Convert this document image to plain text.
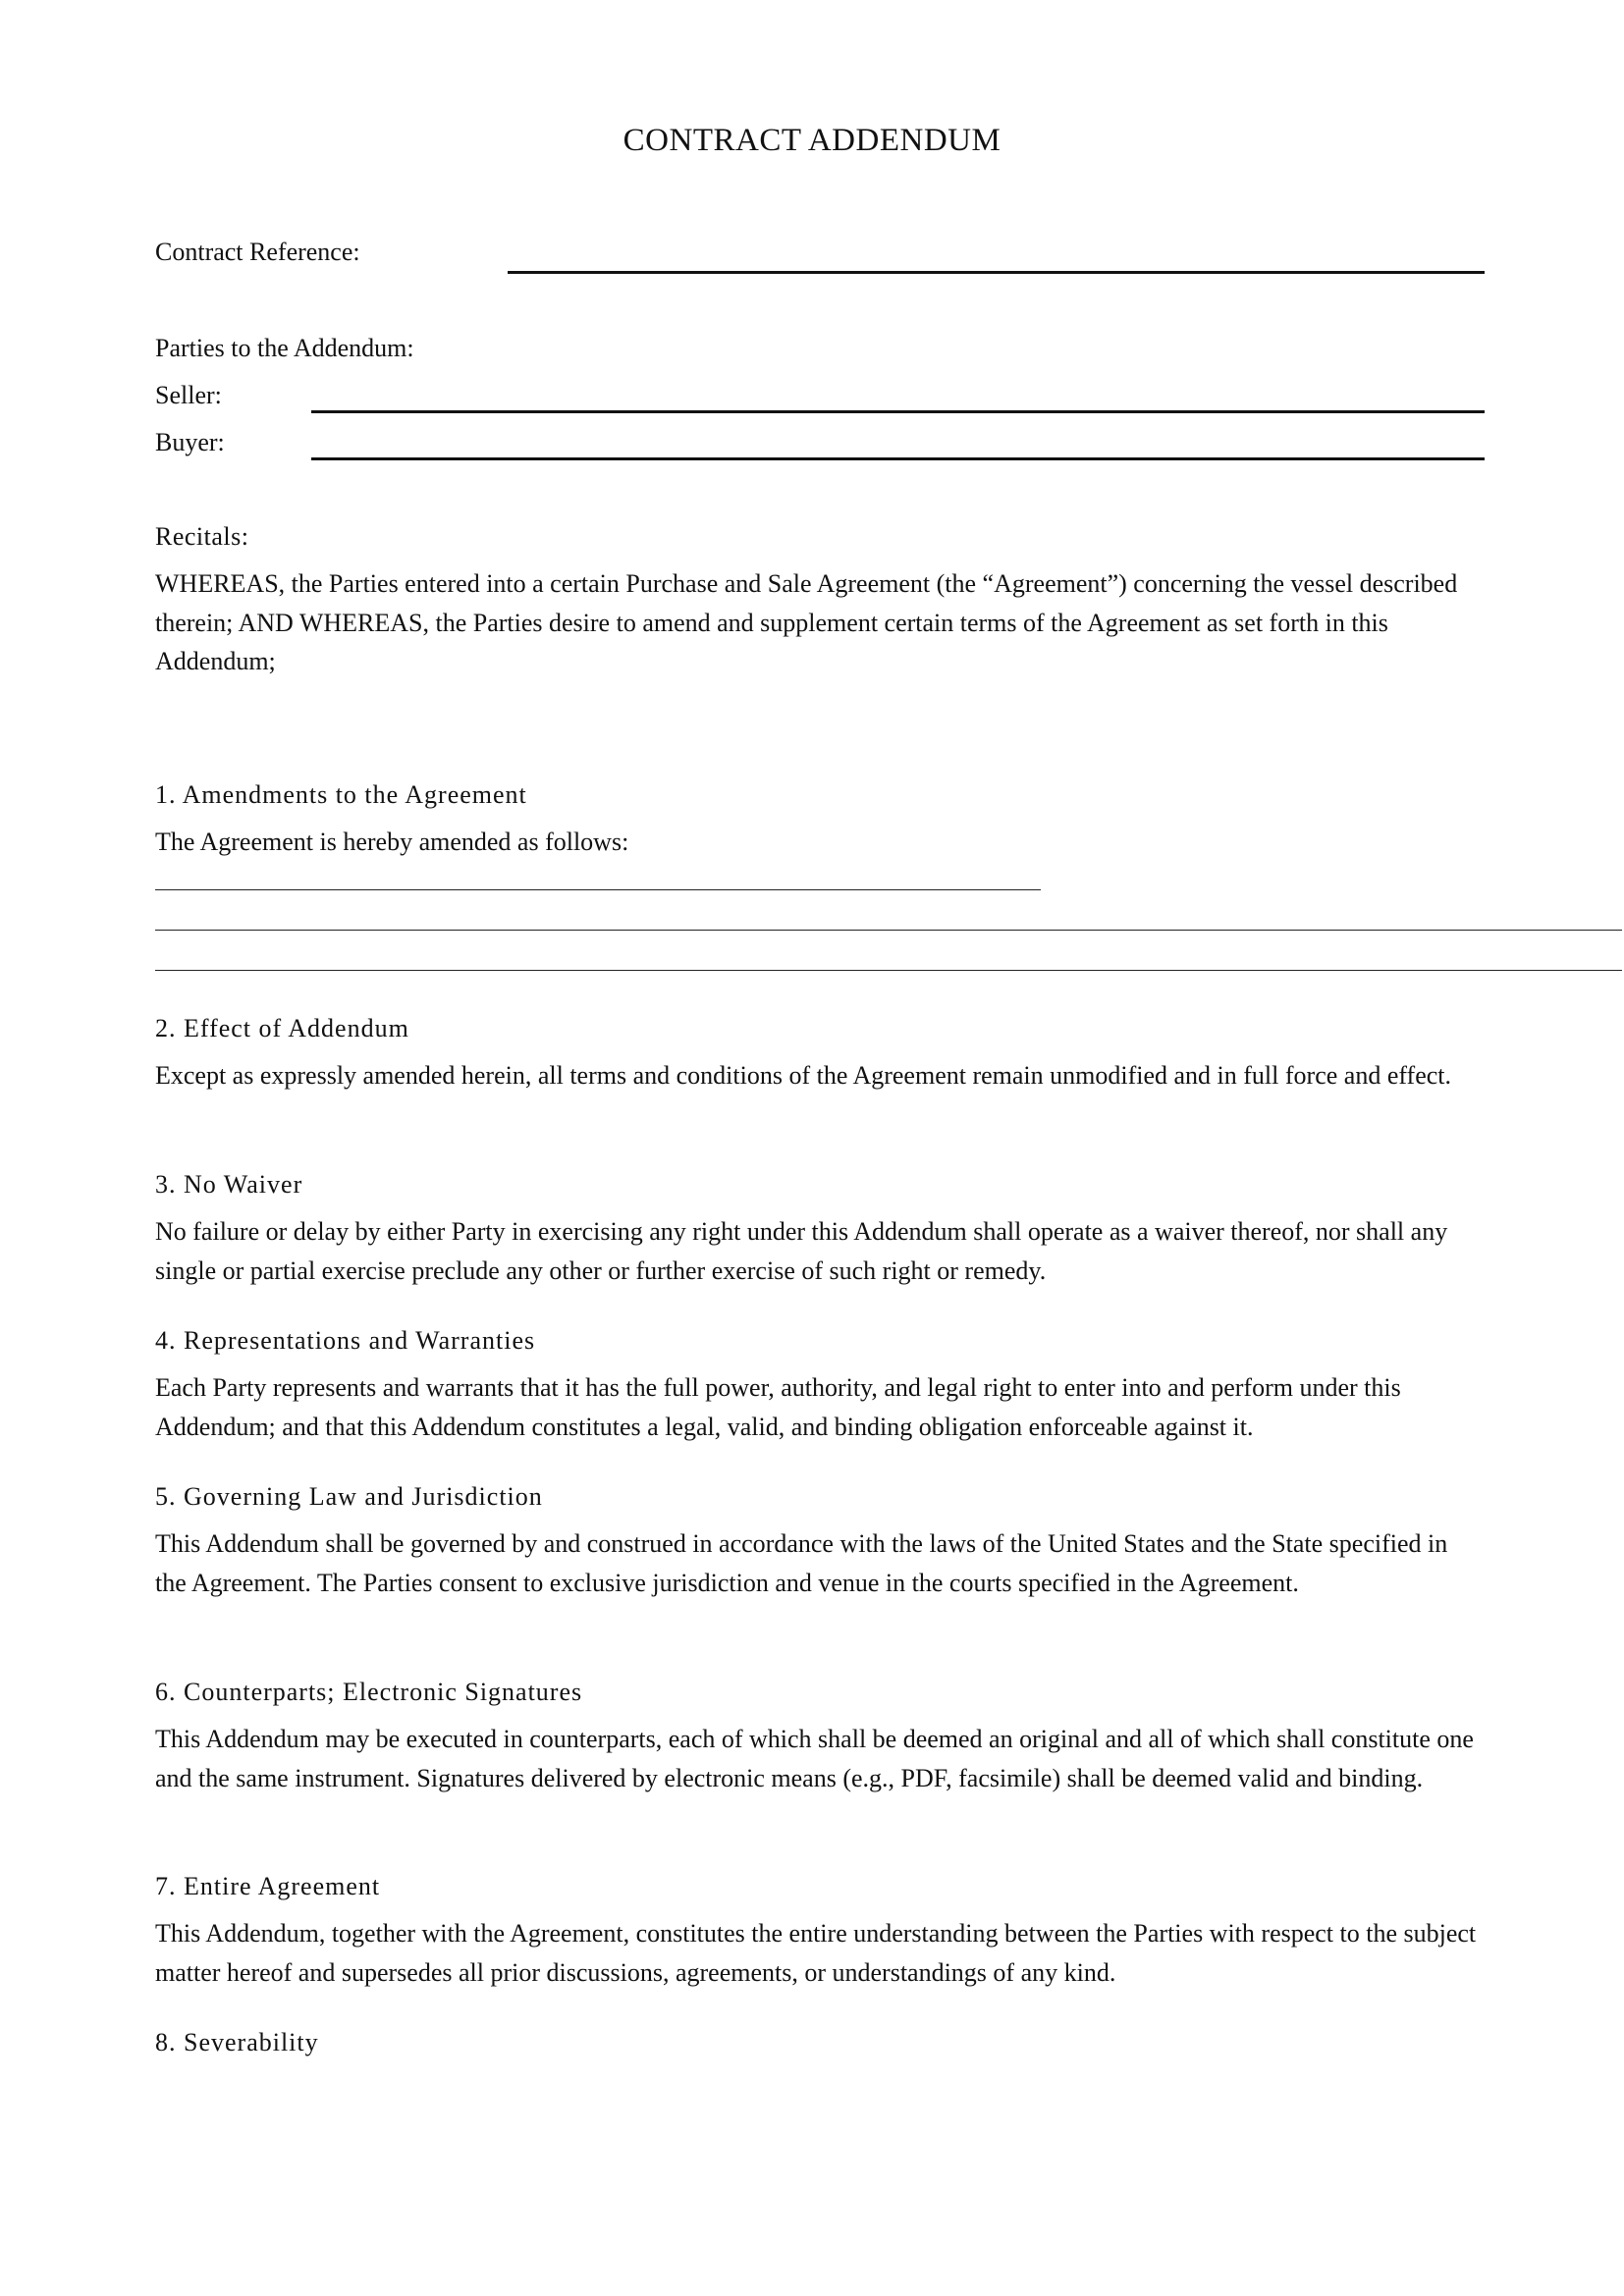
CONTRACT ADDENDUM
Contract Reference:
Parties to the Addendum:
Seller:
Buyer:
Recitals:
WHEREAS, the Parties entered into a certain Purchase and Sale Agreement (the “Agreement”) concerning the vessel described therein; AND WHEREAS, the Parties desire to amend and supplement certain terms of the Agreement as set forth in this Addendum;
1. Amendments to the Agreement
The Agreement is hereby amended as follows:
2. Effect of Addendum
Except as expressly amended herein, all terms and conditions of the Agreement remain unmodified and in full force and effect.
3. No Waiver
No failure or delay by either Party in exercising any right under this Addendum shall operate as a waiver thereof, nor shall any single or partial exercise preclude any other or further exercise of such right or remedy.
4. Representations and Warranties
Each Party represents and warrants that it has the full power, authority, and legal right to enter into and perform under this Addendum; and that this Addendum constitutes a legal, valid, and binding obligation enforceable against it.
5. Governing Law and Jurisdiction
This Addendum shall be governed by and construed in accordance with the laws of the United States and the State specified in the Agreement. The Parties consent to exclusive jurisdiction and venue in the courts specified in the Agreement.
6. Counterparts; Electronic Signatures
This Addendum may be executed in counterparts, each of which shall be deemed an original and all of which shall constitute one and the same instrument. Signatures delivered by electronic means (e.g., PDF, facsimile) shall be deemed valid and binding.
7. Entire Agreement
This Addendum, together with the Agreement, constitutes the entire understanding between the Parties with respect to the subject matter hereof and supersedes all prior discussions, agreements, or understandings of any kind.
8. Severability
